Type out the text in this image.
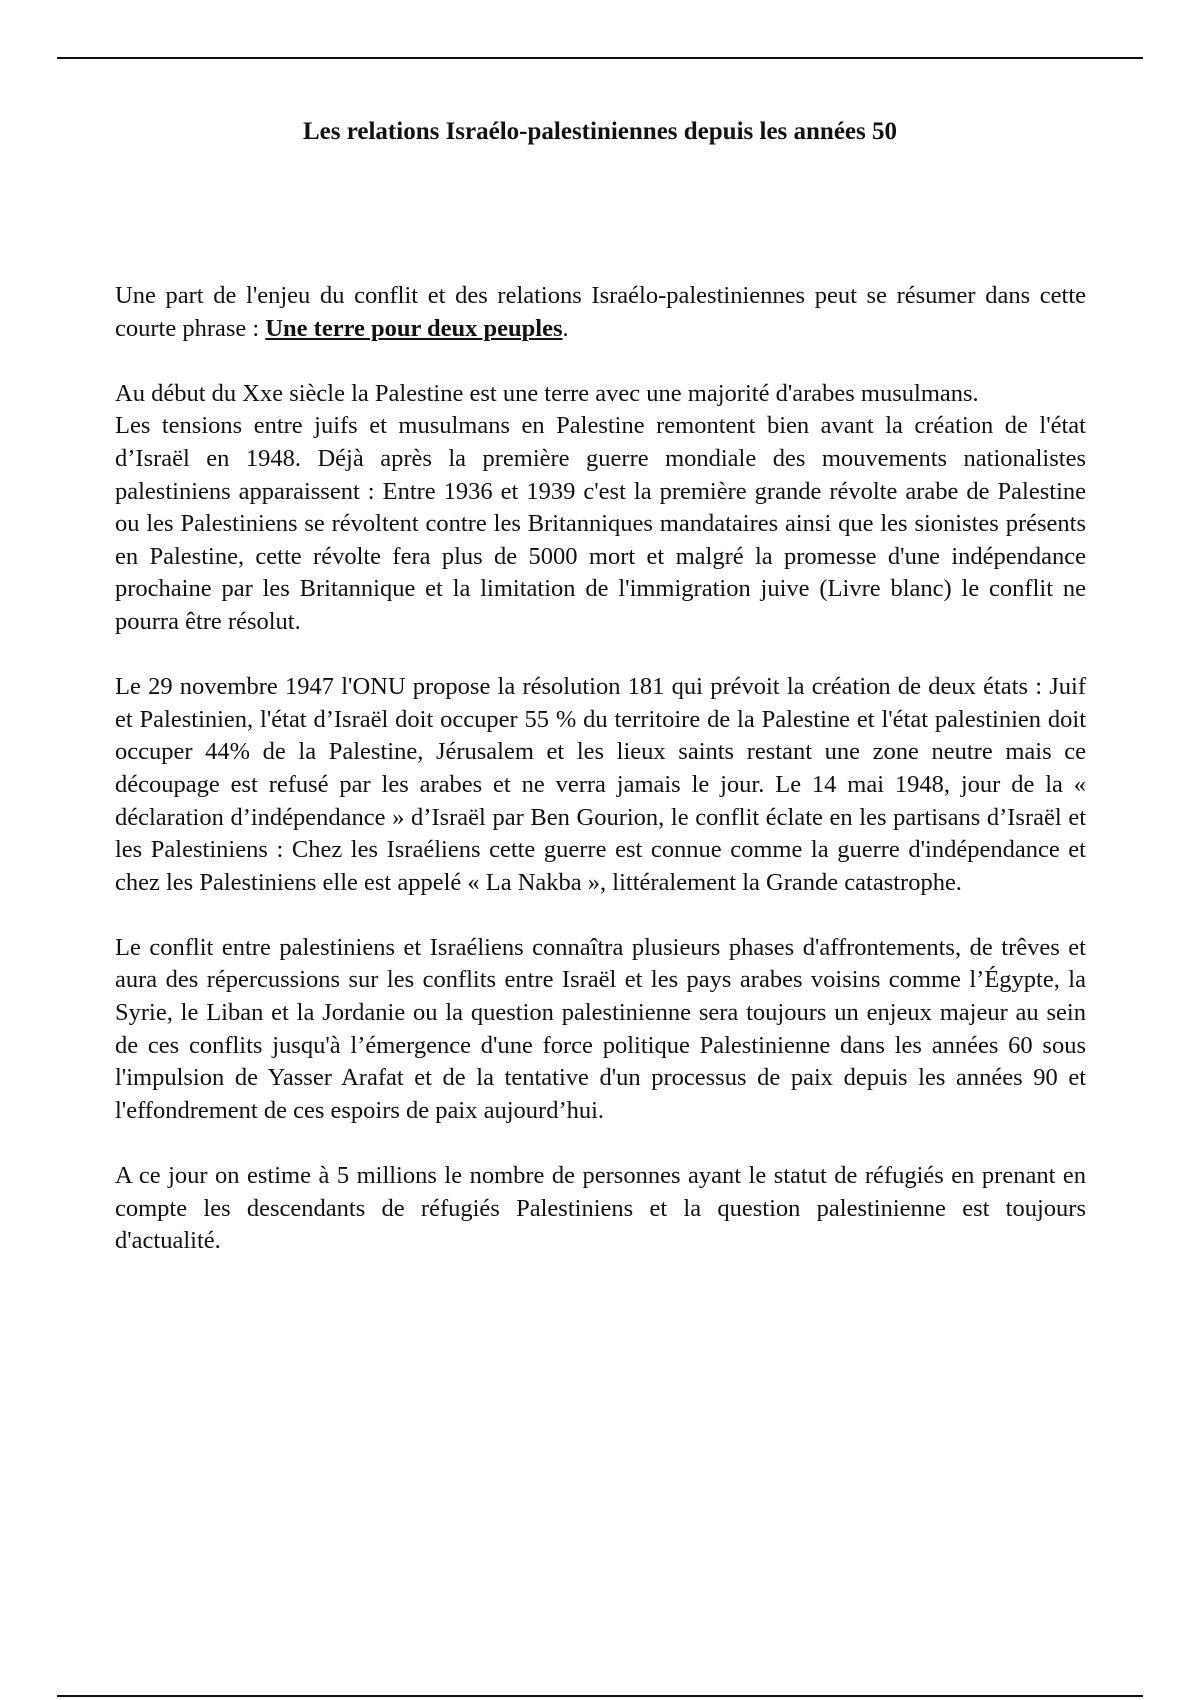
Les relations Israélo-palestiniennes depuis les années 50

Une part de l'enjeu du conflit et des relations Israélo-palestiniennes peut se résumer dans cette courte phrase : Une terre pour deux peuples.

Au début du Xxe siècle la Palestine est une terre avec une majorité d'arabes musulmans.

Les tensions entre juifs et musulmans en Palestine remontent bien avant la création de l'état d’Israël en 1948. Déjà après la première guerre mondiale des mouvements nationalistes palestiniens apparaissent : Entre 1936 et 1939 c'est la première grande révolte arabe de Palestine ou les Palestiniens se révoltent contre les Britanniques mandataires ainsi que les sionistes présents en Palestine, cette révolte fera plus de 5000 mort et malgré la promesse d'une indépendance prochaine par les Britannique et la limitation de l'immigration juive (Livre blanc) le conflit ne pourra être résolut.

Le 29 novembre 1947 l'ONU propose la résolution 181 qui prévoit la création de deux états : Juif et Palestinien, l'état d’Israël doit occuper 55 % du territoire de la Palestine et l'état palestinien doit occuper 44% de la Palestine, Jérusalem et les lieux saints restant une zone neutre mais ce découpage est refusé par les arabes et ne verra jamais le jour. Le 14 mai 1948, jour de la « déclaration d’indépendance » d’Israël par Ben Gourion, le conflit éclate en les partisans d’Israël et les Palestiniens : Chez les Israéliens cette guerre est connue comme la guerre d'indépendance et chez les Palestiniens elle est appelé « La Nakba », littéralement la Grande catastrophe.

Le conflit entre palestiniens et Israéliens connaîtra plusieurs phases d'affrontements, de trêves et aura des répercussions sur les conflits entre Israël et les pays arabes voisins comme l’Égypte, la Syrie, le Liban et la Jordanie ou la question palestinienne sera toujours un enjeux majeur au sein de ces conflits jusqu'à l’émergence d'une force politique Palestinienne dans les années 60 sous l'impulsion de Yasser Arafat et de la tentative d'un processus de paix depuis les années 90 et l'effondrement de ces espoirs de paix aujourd’hui.

A ce jour on estime à 5 millions le nombre de personnes ayant le statut de réfugiés en prenant en compte les descendants de réfugiés Palestiniens et la question palestinienne est toujours d'actualité.
